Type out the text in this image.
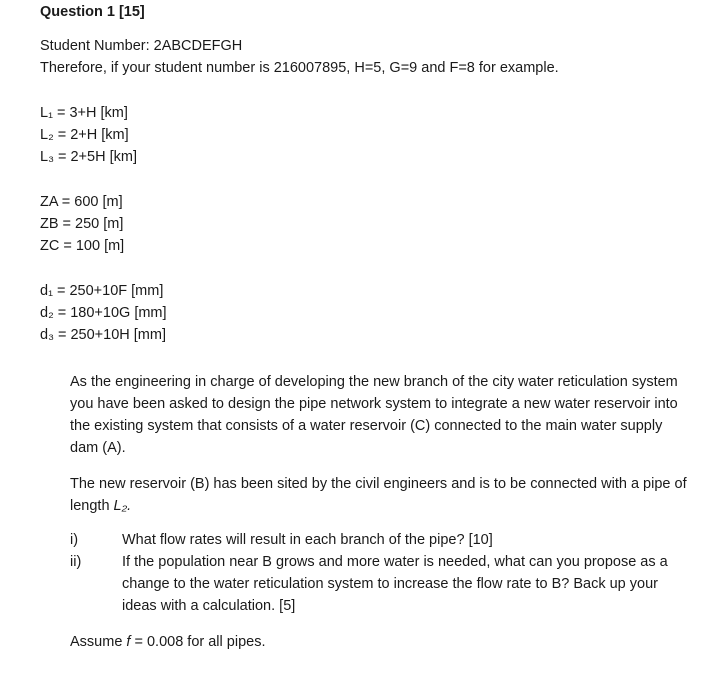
Question 1 [15]
Student Number: 2ABCDEFGH
Therefore, if your student number is 216007895, H=5, G=9 and F=8 for example.
L₁ = 3+H [km]
L₂ = 2+H [km]
L₃ = 2+5H [km]
ZA = 600 [m]
ZB = 250 [m]
ZC = 100 [m]
d₁ = 250+10F [mm]
d₂ = 180+10G [mm]
d₃ = 250+10H [mm]
As the engineering in charge of developing the new branch of the city water reticulation system you have been asked to design the pipe network system to integrate a new water reservoir into the existing system that consists of a water reservoir (C) connected to the main water supply dam (A).
The new reservoir (B) has been sited by the civil engineers and is to be connected with a pipe of length L₂.
i)	What flow rates will result in each branch of the pipe? [10]
ii)	If the population near B grows and more water is needed, what can you propose as a change to the water reticulation system to increase the flow rate to B? Back up your ideas with a calculation. [5]
Assume f = 0.008 for all pipes.
